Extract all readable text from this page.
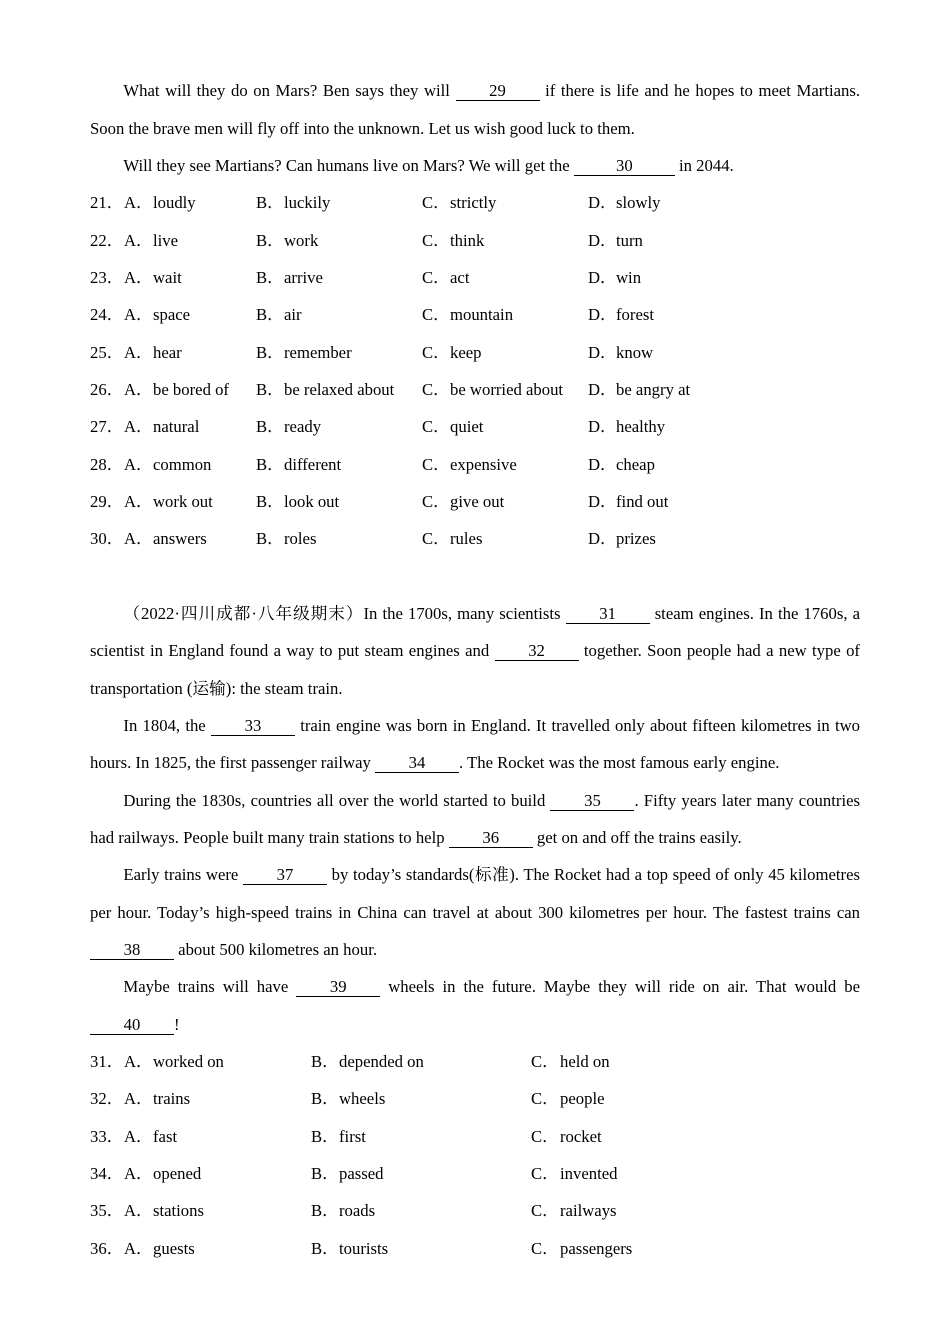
What will they do on Mars? Ben says they will 29 if there is life and he hopes to meet Martians.
Soon the brave men will fly off into the unknown. Let us wish good luck to them.
Will they see Martians? Can humans live on Mars? We will get the	30	in 2044.
21． A． loudly	B． luckily	C． strictly	D． slowly
22． A． live	B． work	C． think	D． turn
23． A． wait	B． arrive	C． act	D． win
24． A． space	B． air	C． mountain	D． forest
25． A． hear	B． remember	C． keep	D． know
26． A． be bored of B． be relaxed about C． be worried about D． be angry at
27． A． natural	B． ready	C． quiet	D． healthy
28． A． common	B． different	C． expensive	D． cheap
29． A． work out	B． look out	C． give out	D． find out
30． A． answers	B． roles	C． rules	D． prizes
（2022·四川成都·八年级期末）In the 1700s, many scientists 31 steam engines. In the 1760s, a
scientist in England found a way to put steam engines and 32 together. Soon people had a new type of
transportation (运输): the steam train.
In 1804, the 33 train engine was born in England. It travelled only about fifteen kilometres in two
hours. In 1825, the first passenger railway 34 . The Rocket was the most famous early engine.
During the 1830s, countries all over the world started to build 35 . Fifty years later many countries
had railways. People built many train stations to help 36 get on and off the trains easily.
Early trains were 37 by today’s standards(标准). The Rocket had a top speed of only 45 kilometres
per hour. Today’s high-speed trains in China can travel at about 300 kilometres per hour. The fastest trains can
38 about 500 kilometres an hour.
Maybe trains will have 39 wheels in the future. Maybe they will ride on air. That would be
40 !
31． A． worked on	B． depended on	C． held on
32． A． trains	B． wheels	C． people
33． A． fast	B． first	C． rocket
34． A． opened	B． passed	C． invented
35． A． stations	B． roads	C． railways
36． A． guests	B． tourists	C． passengers
